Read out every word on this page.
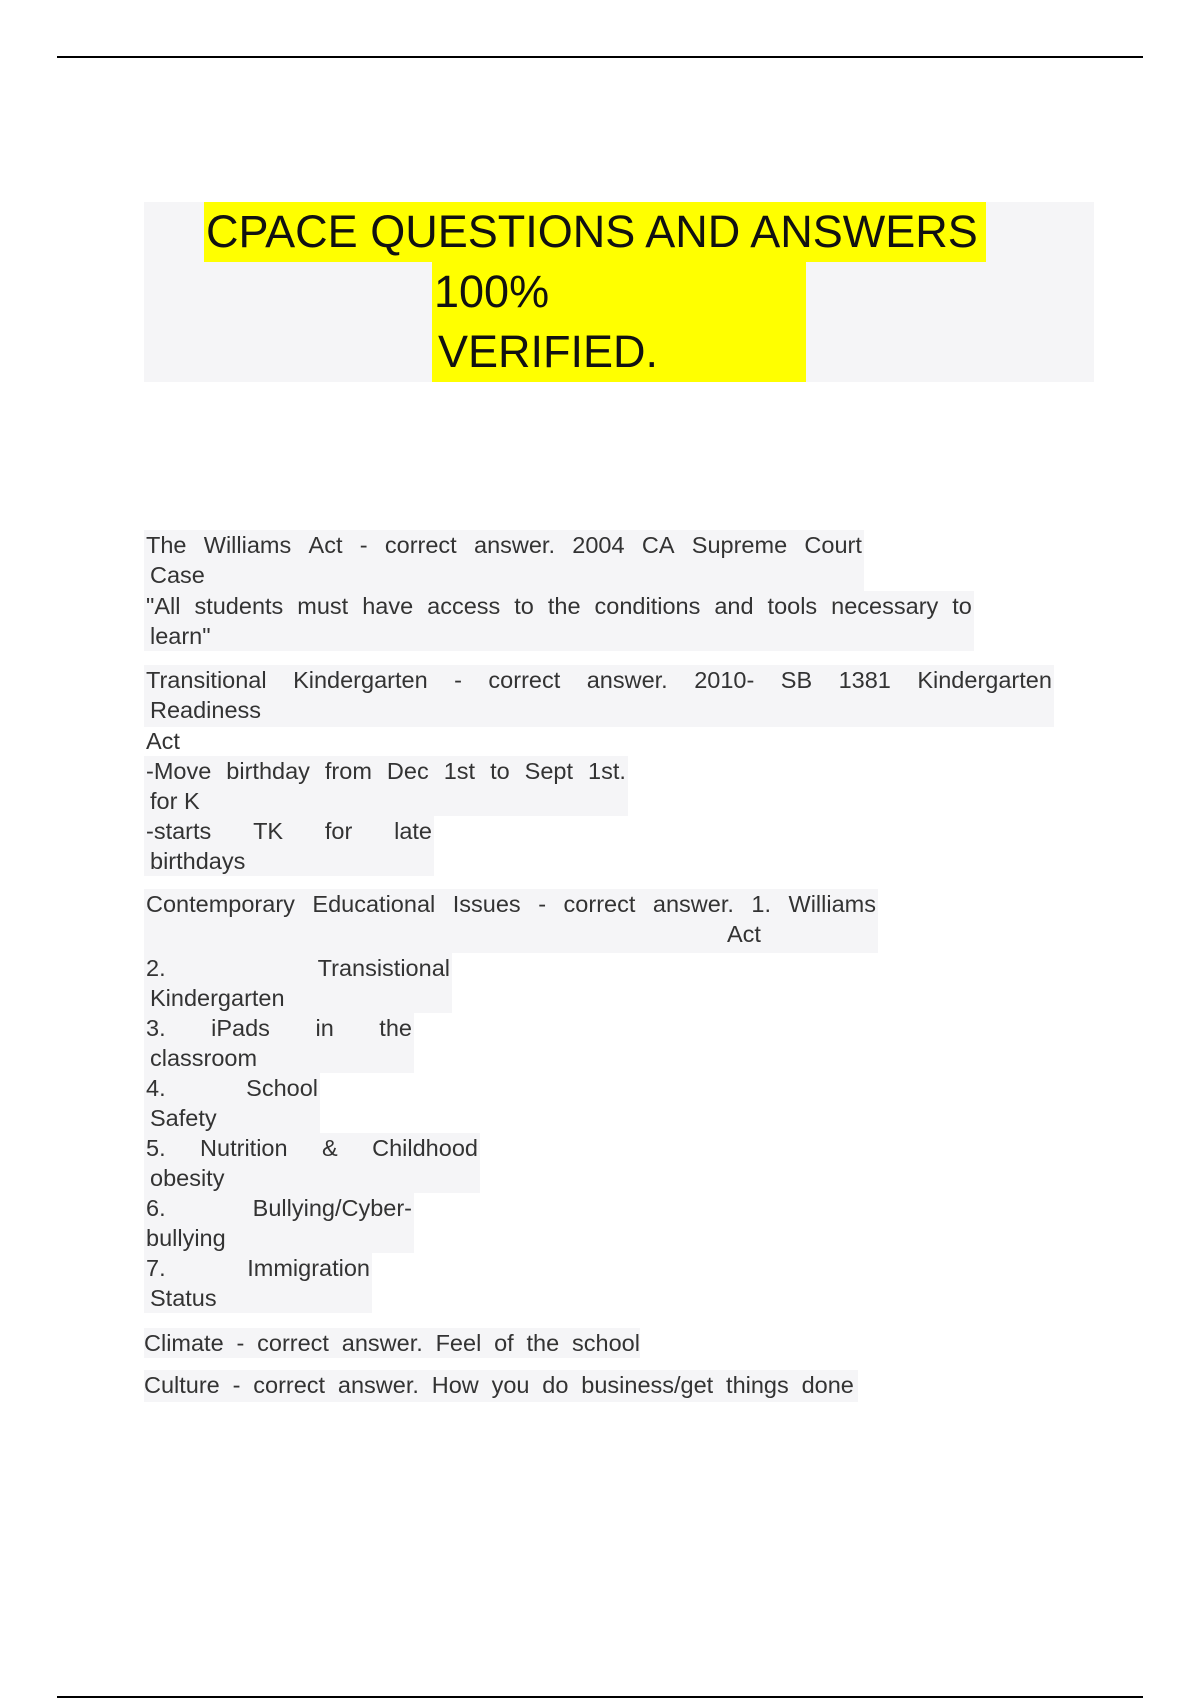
CPACE QUESTIONS AND ANSWERS
100%
VERIFIED.
The Williams Act - correct answer. 2004 CA Supreme Court
Case
"All students must have access to the conditions and tools necessary to
learn"
Transitional Kindergarten - correct answer. 2010- SB 1381 Kindergarten
Readiness
Act
-Move birthday from Dec 1st to Sept 1st.
for K
-starts TK for late
birthdays
Contemporary Educational Issues - correct answer. 1. Williams
Act
2.	Transistional
Kindergarten
3. iPads in the
classroom
4.	School
Safety
5. Nutrition & Childhood
obesity
6.	Bullying/Cyber-
bullying
7.	Immigration
Status
Climate - correct answer. Feel of the school
Culture - correct answer. How you do business/get things done
